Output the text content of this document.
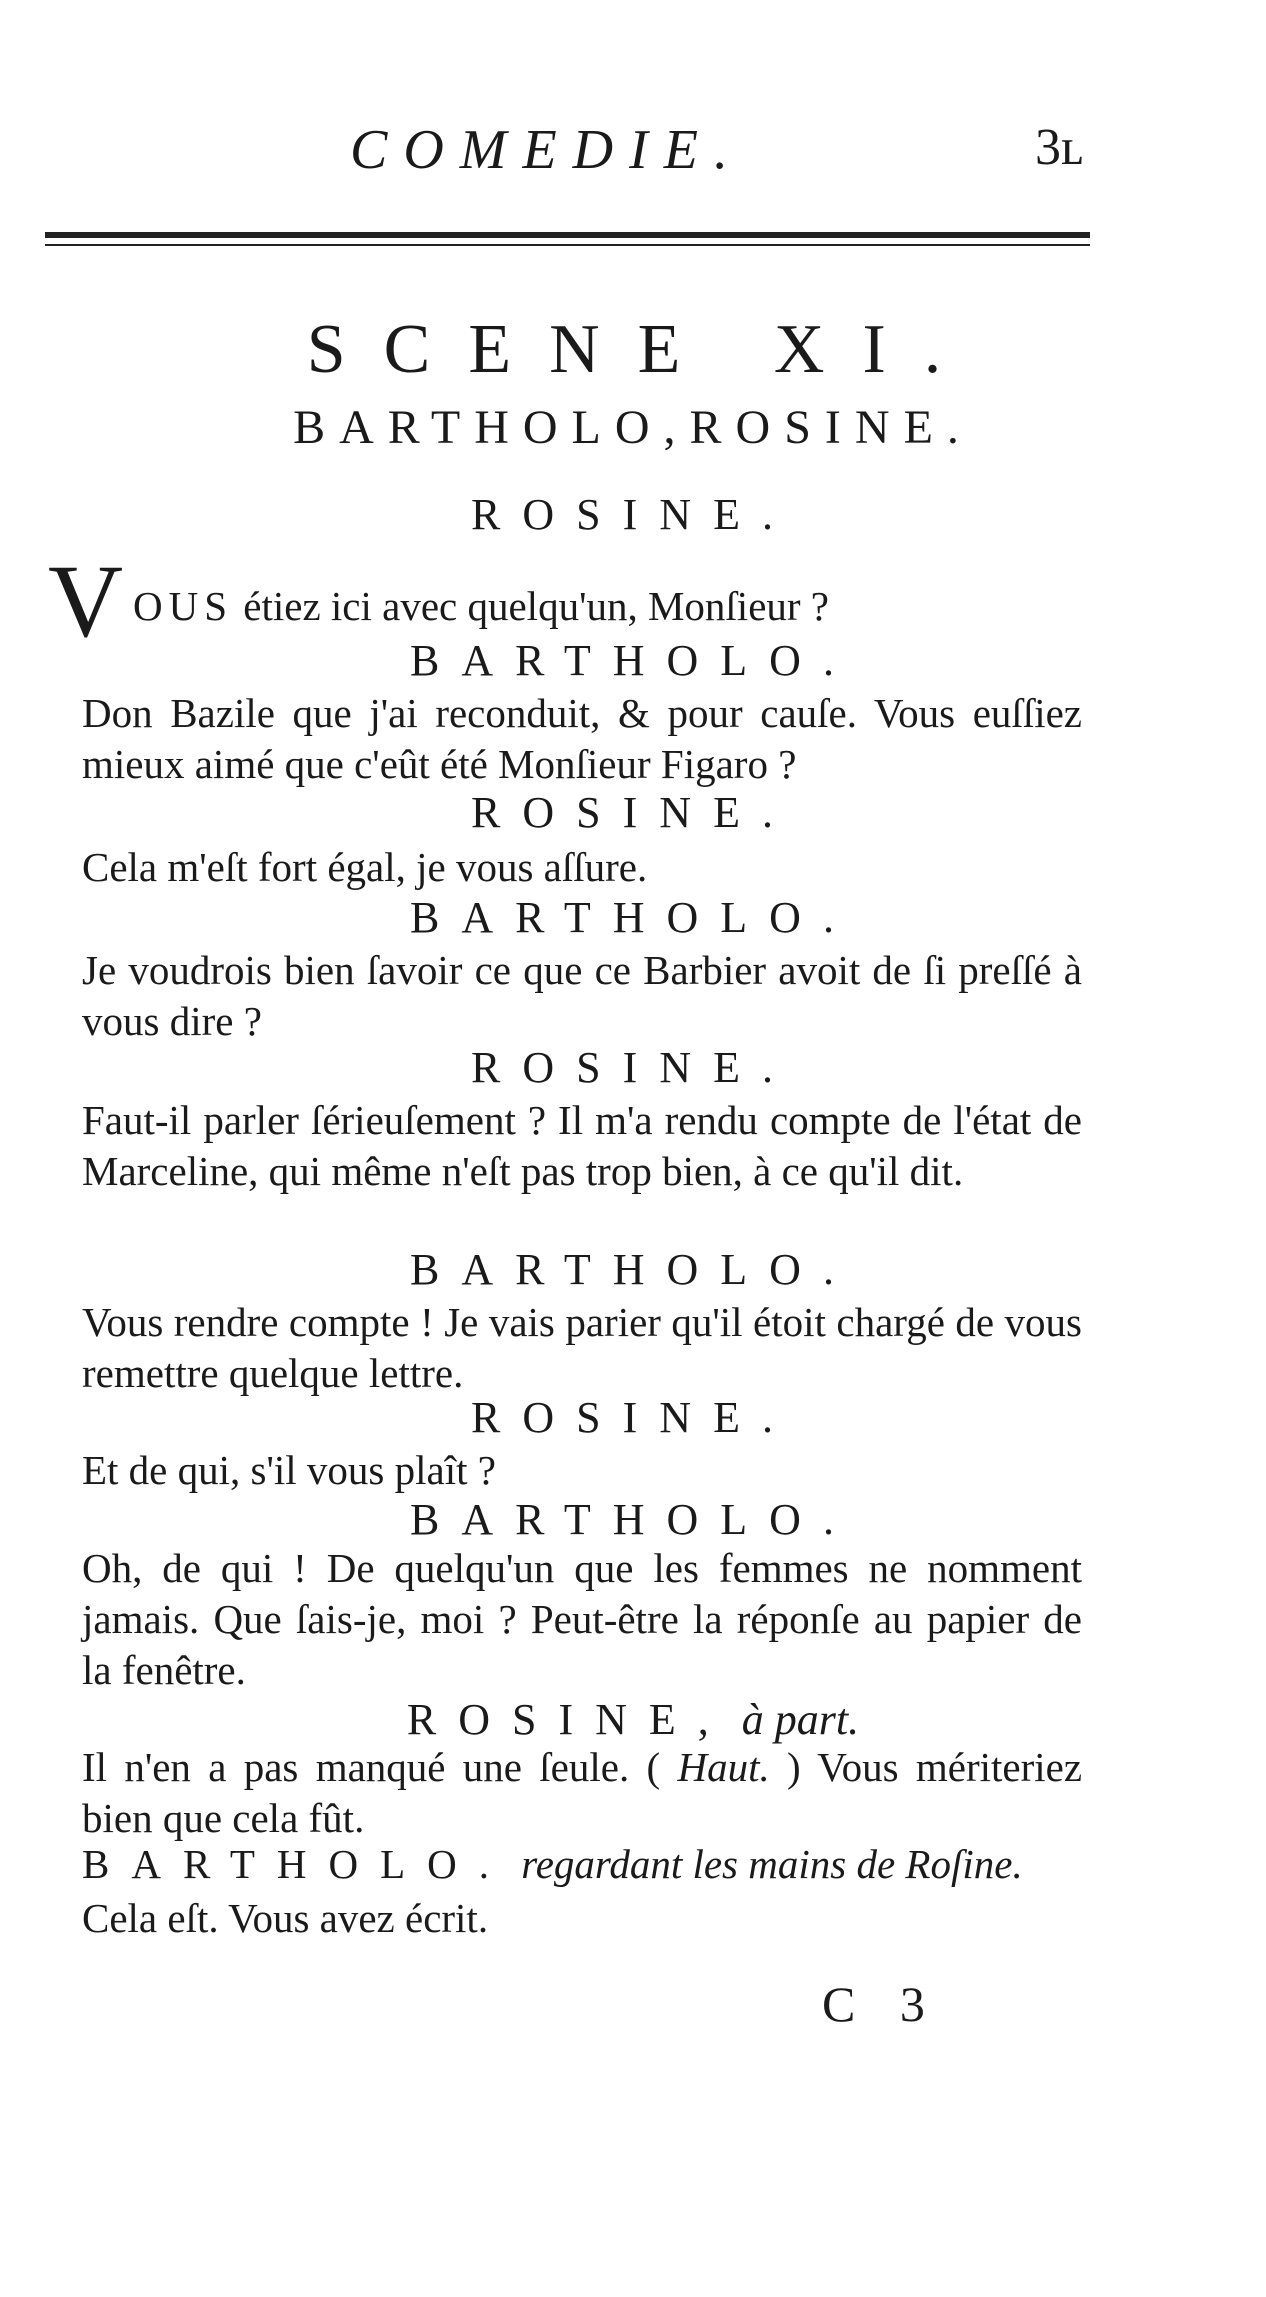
COMEDIE.	3ʟ
SCENE XI.
BARTHOLO,ROSINE.
ROSINE.
V OUS étiez ici avec quelqu'un, Monſieur ?
BARTHOLO.
Don Bazile que j'ai reconduit, & pour cauſe. Vous euſſiez mieux aimé que c'eût été Monſieur Figaro ?
ROSINE.
Cela m'eſt fort égal, je vous aſſure.
BARTHOLO.
Je voudrois bien ſavoir ce que ce Barbier avoit de ſi preſſé à vous dire ?
ROSINE.
Faut-il parler ſérieuſement ? Il m'a rendu compte de l'état de Marceline, qui même n'eſt pas trop bien, à ce qu'il dit.
BARTHOLO.
Vous rendre compte ! Je vais parier qu'il étoit chargé de vous remettre quelque lettre.
ROSINE.
Et de qui, s'il vous plaît ?
BARTHOLO.
Oh, de qui ! De quelqu'un que les femmes ne nomment jamais. Que ſais-je, moi ? Peut-être la réponſe au papier de la fenêtre.
ROSINE, à part.
Il n'en a pas manqué une ſeule. ( Haut. ) Vous mériteriez bien que cela fût.
BARTHOLO. regardant les mains de Roſine.
Cela eſt. Vous avez écrit.
C 3
